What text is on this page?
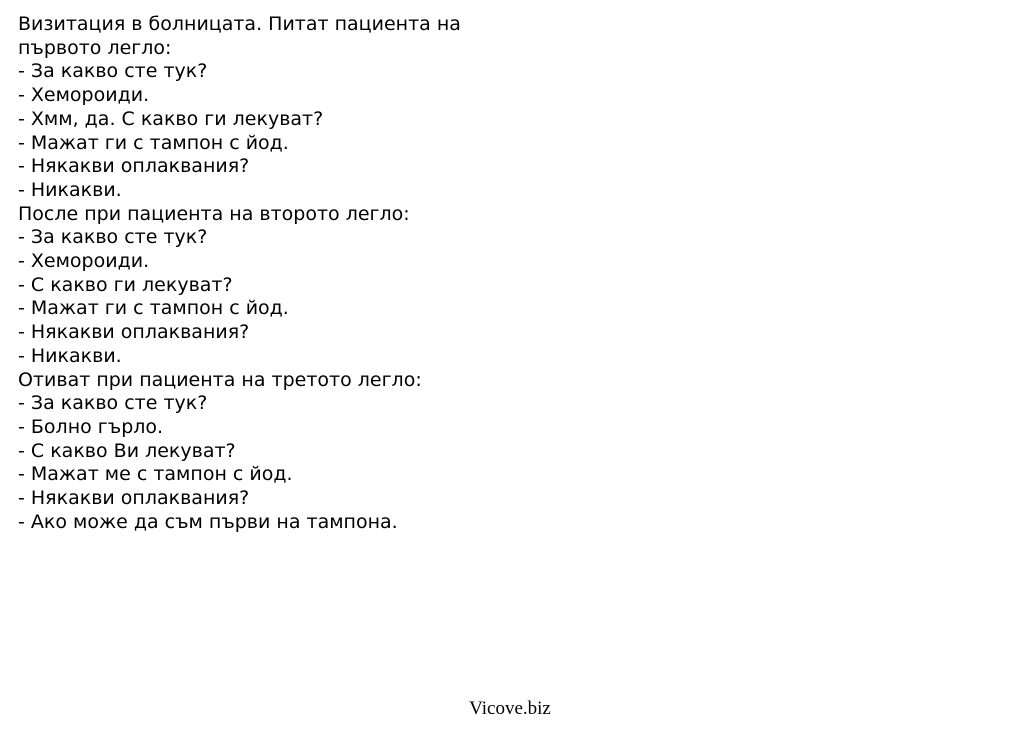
Визитация в болницата. Питат пациента на
първото легло:
- За какво сте тук?
- Хемороиди.
- Хмм, да. С какво ги лекуват?
- Мажат ги с тампон с йод.
- Някакви оплаквания?
- Никакви.
После при пациента на второто легло:
- За какво сте тук?
- Хемороиди.
- С какво ги лекуват?
- Мажат ги с тампон с йод.
- Някакви оплаквания?
- Никакви.
Отиват при пациента на третото легло:
- За какво сте тук?
- Болно гърло.
- С какво Ви лекуват?
- Мажат ме с тампон с йод.
- Някакви оплаквания?
- Ако може да съм първи на тампона.
Vicove.biz
